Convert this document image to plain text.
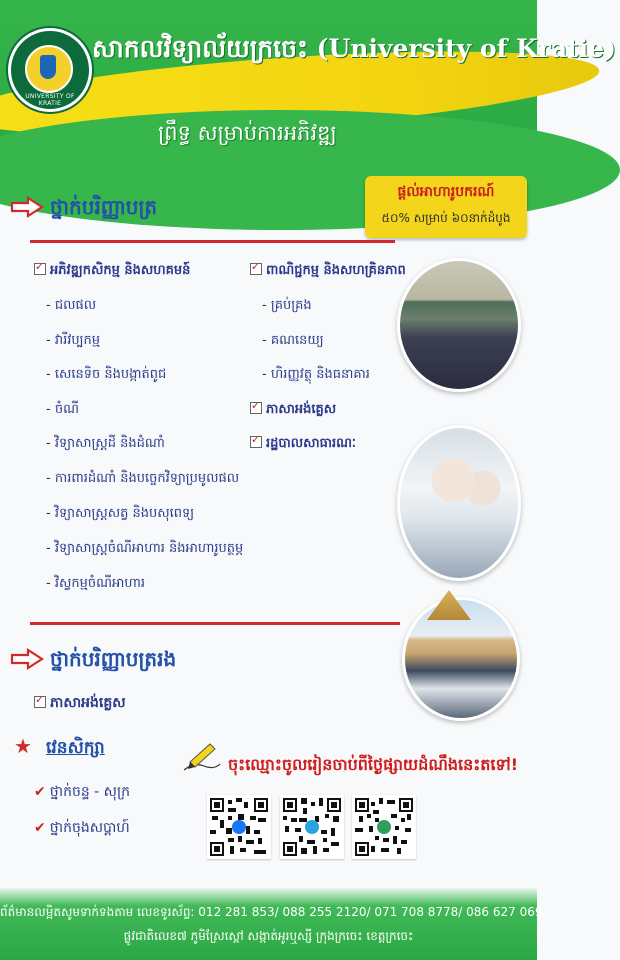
UNIVERSITY OF KRATIE
សាកលវិទ្យាល័យក្រចេះ (University of Kratie)
ព្រឹទ្ធ សម្រាប់ការអភិវឌ្ឍ
ផ្ដល់អាហារូបករណ៍
៥០% សម្រាប់ ៦០នាក់ដំបូង
ថ្នាក់បរិញ្ញាបត្រ
✓អភិវឌ្ឍកសិកម្ម និងសហគមន៍
- ជលផល
- វារីវប្បកម្ម
- សេនេទិច និងបង្កាត់ពូជ
- ចំណី
- វិទ្យាសាស្ត្រដី និងដំណាំ
- ការពារដំណាំ និងបច្ចេកវិទ្យាប្រមូលផល
- វិទ្យាសាស្ត្រសត្វ និងបសុពេទ្យ
- វិទ្យាសាស្ត្រចំណីអាហារ និងអាហារូបត្ថម្ភ
- វិស្វកម្មចំណីអាហារ
✓ពាណិជ្ជកម្ម និងសហគ្រិនភាព
- គ្រប់គ្រង
- គណនេយ្យ
- ហិរញ្ញវត្ថុ និងធនាគារ
✓ភាសាអង់គ្លេស
✓រដ្ឋបាលសាធារណៈ
ថ្នាក់បរិញ្ញាបត្ររង
✓ភាសាអង់គ្លេស
★ វេនសិក្សា
✔ ថ្នាក់ចន្ទ - សុក្រ
✔ ថ្នាក់ចុងសប្តាហ៍
ចុះឈ្មោះចូលរៀនចាប់ពីថ្ងៃផ្សាយដំណឹងនេះតទៅ!
ព័ត៌មានលម្អិតសូមទាក់ទងតាម លេខទូរស័ព្ទ: 012 281 853/ 088 255 2120/ 071 708 8778/ 086 627 069
ផ្លូវជាតិលេខ៧ ភូមិស្រែស្ពៅ សង្កាត់អូរឬស្សី ក្រុងក្រចេះ ខេត្តក្រចេះ
